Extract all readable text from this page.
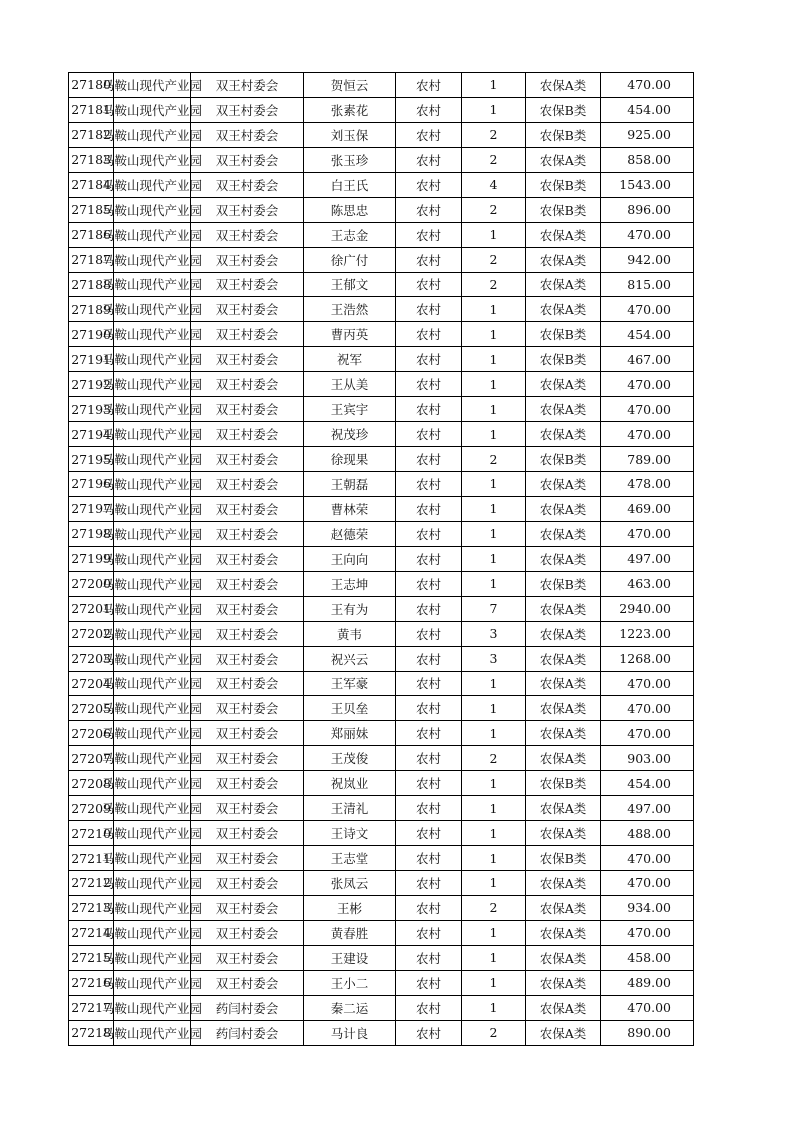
27180	马鞍山现代产业园	双王村委会	贺恒云	农村	1	农保A类	470.00
27181	马鞍山现代产业园	双王村委会	张素花	农村	1	农保B类	454.00
27182	马鞍山现代产业园	双王村委会	刘玉保	农村	2	农保B类	925.00
27183	马鞍山现代产业园	双王村委会	张玉珍	农村	2	农保A类	858.00
27184	马鞍山现代产业园	双王村委会	白王氏	农村	4	农保B类	1543.00
27185	马鞍山现代产业园	双王村委会	陈思忠	农村	2	农保B类	896.00
27186	马鞍山现代产业园	双王村委会	王志金	农村	1	农保A类	470.00
27187	马鞍山现代产业园	双王村委会	徐广付	农村	2	农保A类	942.00
27188	马鞍山现代产业园	双王村委会	王郁文	农村	2	农保A类	815.00
27189	马鞍山现代产业园	双王村委会	王浩然	农村	1	农保A类	470.00
27190	马鞍山现代产业园	双王村委会	曹丙英	农村	1	农保B类	454.00
27191	马鞍山现代产业园	双王村委会	祝军	农村	1	农保B类	467.00
27192	马鞍山现代产业园	双王村委会	王从美	农村	1	农保A类	470.00
27193	马鞍山现代产业园	双王村委会	王宾宇	农村	1	农保A类	470.00
27194	马鞍山现代产业园	双王村委会	祝茂珍	农村	1	农保A类	470.00
27195	马鞍山现代产业园	双王村委会	徐现果	农村	2	农保B类	789.00
27196	马鞍山现代产业园	双王村委会	王朝磊	农村	1	农保A类	478.00
27197	马鞍山现代产业园	双王村委会	曹林荣	农村	1	农保A类	469.00
27198	马鞍山现代产业园	双王村委会	赵德荣	农村	1	农保A类	470.00
27199	马鞍山现代产业园	双王村委会	王向向	农村	1	农保A类	497.00
27200	马鞍山现代产业园	双王村委会	王志坤	农村	1	农保B类	463.00
27201	马鞍山现代产业园	双王村委会	王有为	农村	7	农保A类	2940.00
27202	马鞍山现代产业园	双王村委会	黄韦	农村	3	农保A类	1223.00
27203	马鞍山现代产业园	双王村委会	祝兴云	农村	3	农保A类	1268.00
27204	马鞍山现代产业园	双王村委会	王军豪	农村	1	农保A类	470.00
27205	马鞍山现代产业园	双王村委会	王贝垒	农村	1	农保A类	470.00
27206	马鞍山现代产业园	双王村委会	郑丽妹	农村	1	农保A类	470.00
27207	马鞍山现代产业园	双王村委会	王茂俊	农村	2	农保A类	903.00
27208	马鞍山现代产业园	双王村委会	祝岚业	农村	1	农保B类	454.00
27209	马鞍山现代产业园	双王村委会	王清礼	农村	1	农保A类	497.00
27210	马鞍山现代产业园	双王村委会	王诗文	农村	1	农保A类	488.00
27211	马鞍山现代产业园	双王村委会	王志堂	农村	1	农保B类	470.00
27212	马鞍山现代产业园	双王村委会	张凤云	农村	1	农保A类	470.00
27213	马鞍山现代产业园	双王村委会	王彬	农村	2	农保A类	934.00
27214	马鞍山现代产业园	双王村委会	黄春胜	农村	1	农保A类	470.00
27215	马鞍山现代产业园	双王村委会	王建设	农村	1	农保A类	458.00
27216	马鞍山现代产业园	双王村委会	王小二	农村	1	农保A类	489.00
27217	马鞍山现代产业园	药闫村委会	秦二运	农村	1	农保A类	470.00
27218	马鞍山现代产业园	药闫村委会	马计良	农村	2	农保A类	890.00
